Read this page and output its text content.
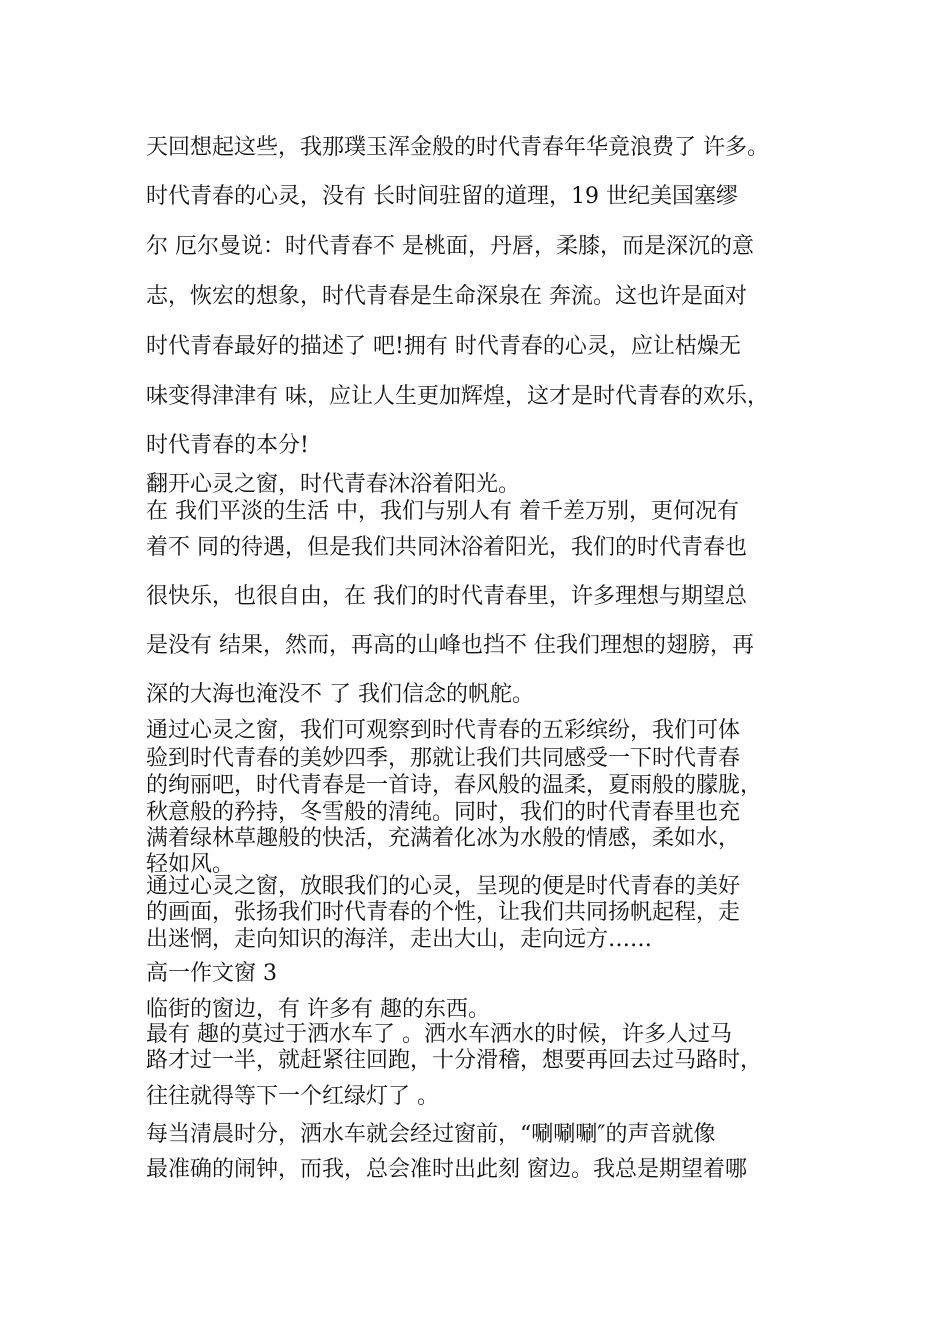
天回想起这些，我那璞玉浑金般的时代青春年华竟浪费了 许多。
时代青春的心灵，没有 长时间驻留的道理，19 世纪美国塞缪
尔 厄尔曼说：时代青春不 是桃面，丹唇，柔膝，而是深沉的意
志，恢宏的想象，时代青春是生命深泉在 奔流。这也许是面对
时代青春最好的描述了 吧!拥有 时代青春的心灵，应让枯燥无
味变得津津有 味，应让人生更加辉煌，这才是时代青春的欢乐，
时代青春的本分!
翻开心灵之窗，时代青春沐浴着阳光。
在 我们平淡的生活 中，我们与别人有 着千差万别，更何况有
着不 同的待遇，但是我们共同沐浴着阳光，我们的时代青春也
很快乐，也很自由，在 我们的时代青春里，许多理想与期望总
是没有 结果，然而，再高的山峰也挡不 住我们理想的翅膀，再
深的大海也淹没不 了 我们信念的帆舵。
通过心灵之窗，我们可观察到时代青春的五彩缤纷，我们可体
验到时代青春的美妙四季，那就让我们共同感受一下时代青春
的绚丽吧，时代青春是一首诗，春风般的温柔，夏雨般的朦胧，
秋意般的矜持，冬雪般的清纯。同时，我们的时代青春里也充
满着绿林草趣般的快活，充满着化冰为水般的情感，柔如水，
轻如风。
通过心灵之窗，放眼我们的心灵，呈现的便是时代青春的美好
的画面，张扬我们时代青春的个性，让我们共同扬帆起程，走
出迷惘，走向知识的海洋，走出大山，走向远方……
高一作文窗 3
临街的窗边，有 许多有 趣的东西。
最有 趣的莫过于洒水车了 。洒水车洒水的时候，许多人过马
路才过一半，就赶紧往回跑，十分滑稽，想要再回去过马路时，
往往就得等下一个红绿灯了 。
每当清晨时分，洒水车就会经过窗前，“唰唰唰″的声音就像
最准确的闹钟，而我，总会准时出此刻 窗边。我总是期望着哪
